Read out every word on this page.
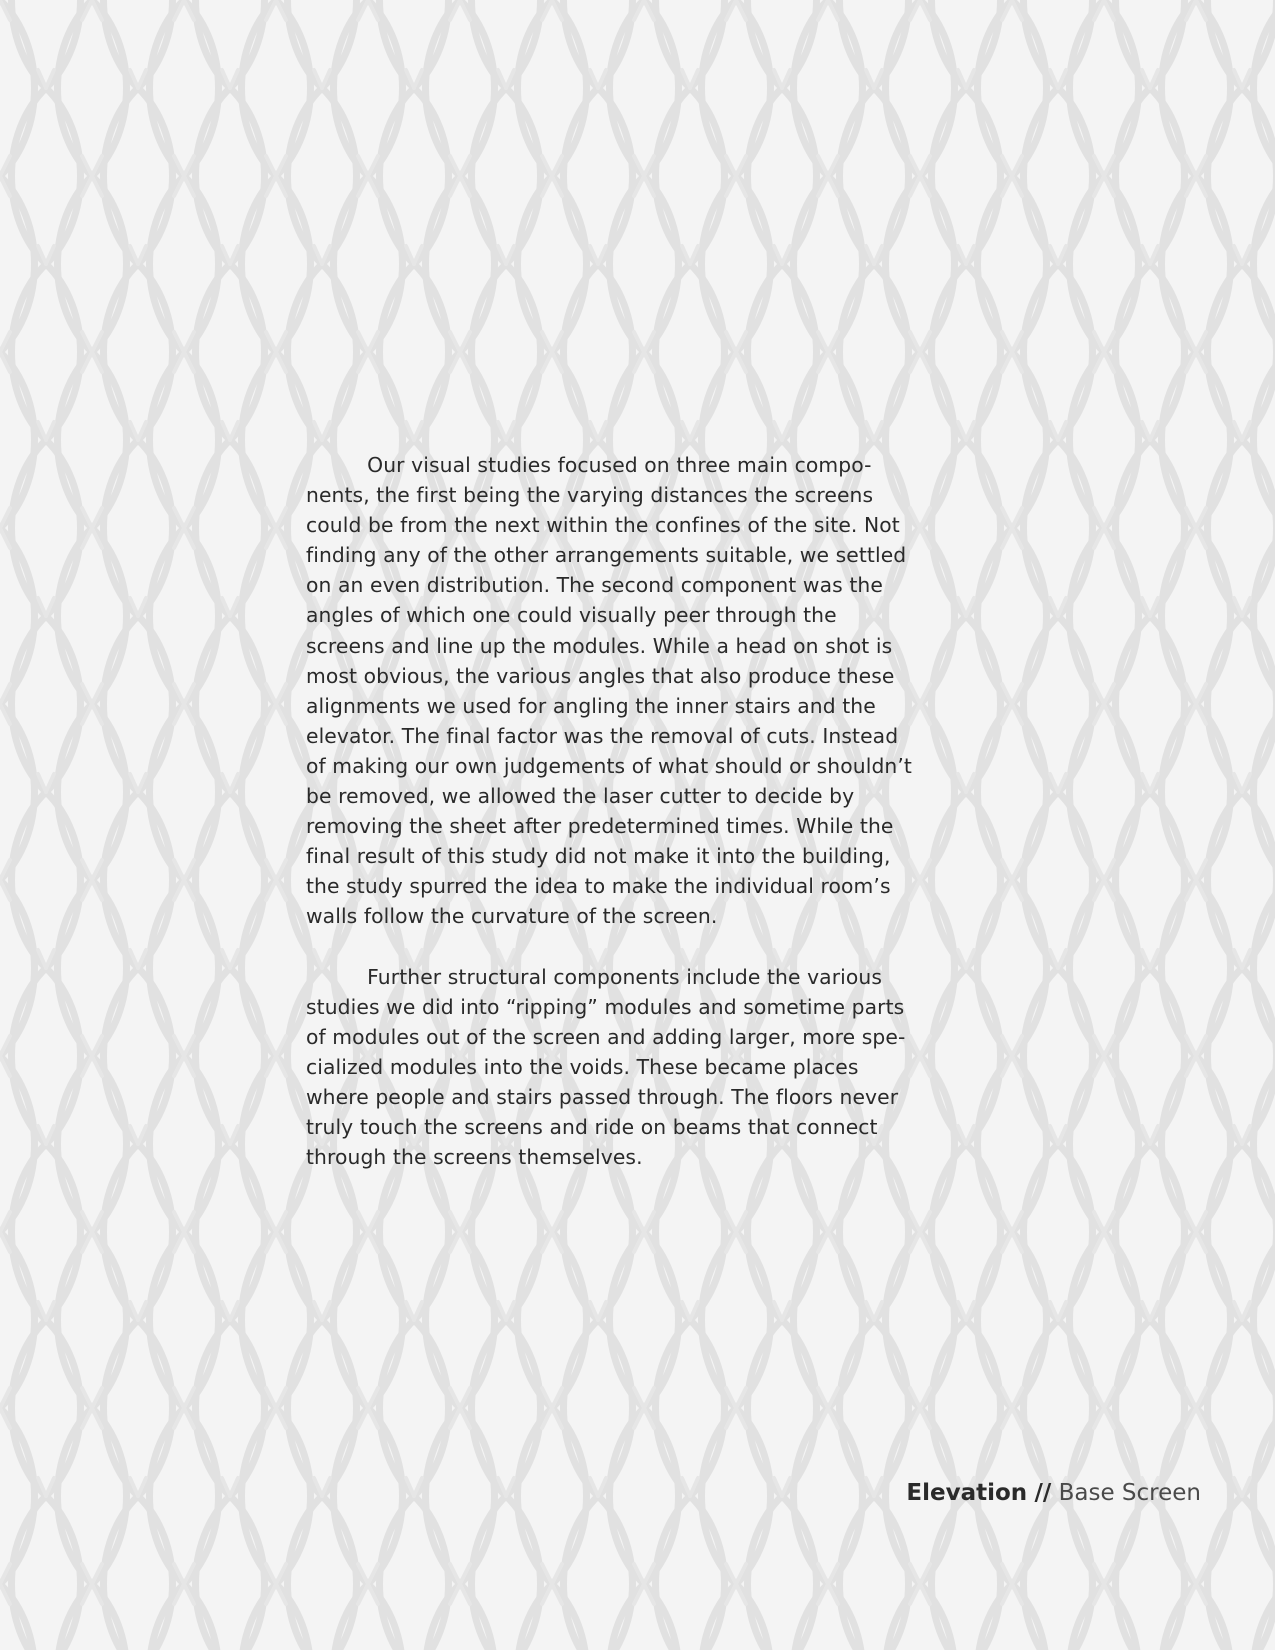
   Our visual studies focused on three main compo-
nents, the first being the varying distances the screens
could be from the next within the confines of the site. Not
finding any of the other arrangements suitable, we settled
on an even distribution. The second component was the
angles of which one could visually peer through the
screens and line up the modules. While a head on shot is
most obvious, the various angles that also produce these
alignments we used for angling the inner stairs and the
elevator. The final factor was the removal of cuts. Instead
of making our own judgements of what should or shouldn’t
be removed, we allowed the laser cutter to decide by
removing the sheet after predetermined times. While the
final result of this study did not make it into the building,
the study spurred the idea to make the individual room’s
walls follow the curvature of the screen.

   Further structural components include the various
studies we did into “ripping” modules and sometime parts
of modules out of the screen and adding larger, more spe-
cialized modules into the voids. These became places
where people and stairs passed through. The floors never
truly touch the screens and ride on beams that connect
through the screens themselves.

Elevation // Base Screen
